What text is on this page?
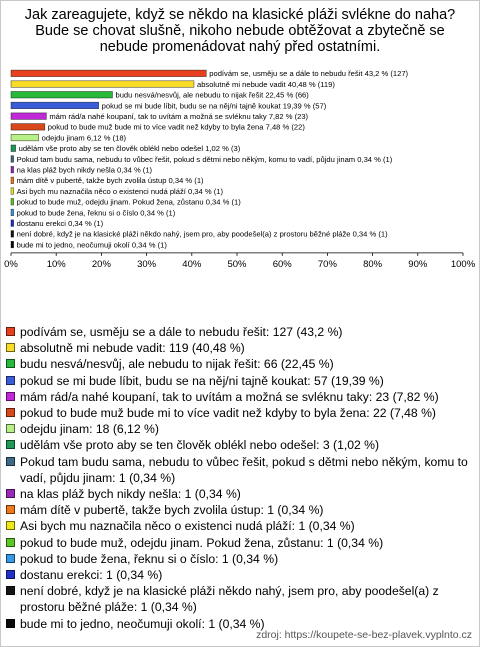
Jak zareagujete, když se někdo na klasické pláži svlékne do naha?
Bude se chovat slušně, nikoho nebude obtěžovat a zbytečně se
nebude promenádovat nahý před ostatními.
podívám se, usměju se a dále to nebudu řešit 43,2 % (127)
absolutně mi nebude vadit 40,48 % (119)
budu nesvá/nesvůj, ale nebudu to nijak řešit 22,45 % (66)
pokud se mi bude líbit, budu se na něj/ni tajně koukat 19,39 % (57)
mám rád/a nahé koupaní, tak to uvítám a možná se svléknu taky 7,82 % (23)
pokud to bude muž bude mi to více vadit než kdyby to byla žena 7,48 % (22)
odejdu jinam 6,12 % (18)
udělám vše proto aby se ten člověk oblékl nebo odešel 1,02 % (3)
Pokud tam budu sama, nebudu to vůbec řešit, pokud s dětmi nebo někým, komu to vadí, půjdu jinam 0,34 % (1)
na klas pláž bych nikdy nešla 0,34 % (1)
mám dítě v pubertě, takže bych zvolila ústup 0,34 % (1)
Asi bych mu naznačila něco o existenci nudá pláží 0,34 % (1)
pokud to bude muž, odejdu jinam. Pokud žena, zůstanu 0,34 % (1)
pokud to bude žena, řeknu si o číslo 0,34 % (1)
dostanu erekci 0,34 % (1)
není dobré, když je na klasické pláži někdo nahý, jsem pro, aby poodešel(a) z prostoru běžné pláže 0,34 % (1)
bude mi to jedno, neočumuji okolí 0,34 % (1)
0%	10%	20%	30%	40%	50%	60%	70%	80%	90% 100%
podívám se, usměju se a dále to nebudu řešit: 127 (43,2 %)
absolutně mi nebude vadit: 119 (40,48 %)
budu nesvá/nesvůj, ale nebudu to nijak řešit: 66 (22,45 %)
pokud se mi bude líbit, budu se na něj/ni tajně koukat: 57 (19,39 %)
mám rád/a nahé koupaní, tak to uvítám a možná se svléknu taky: 23 (7,82 %)
pokud to bude muž bude mi to více vadit než kdyby to byla žena: 22 (7,48 %)
odejdu jinam: 18 (6,12 %)
udělám vše proto aby se ten člověk oblékl nebo odešel: 3 (1,02 %)
Pokud tam budu sama, nebudu to vůbec řešit, pokud s dětmi nebo někým, komu to vadí, půjdu jinam: 1 (0,34 %)
na klas pláž bych nikdy nešla: 1 (0,34 %)
mám dítě v pubertě, takže bych zvolila ústup: 1 (0,34 %)
Asi bych mu naznačila něco o existenci nudá pláží: 1 (0,34 %)
pokud to bude muž, odejdu jinam. Pokud žena, zůstanu: 1 (0,34 %)
pokud to bude žena, řeknu si o číslo: 1 (0,34 %)
dostanu erekci: 1 (0,34 %)
není dobré, když je na klasické pláži někdo nahý, jsem pro, aby poodešel(a) z prostoru běžné pláže: 1 (0,34 %)
bude mi to jedno, neočumuji okolí: 1 (0,34 %)
zdroj: https://koupete-se-bez-plavek.vyplnto.cz
